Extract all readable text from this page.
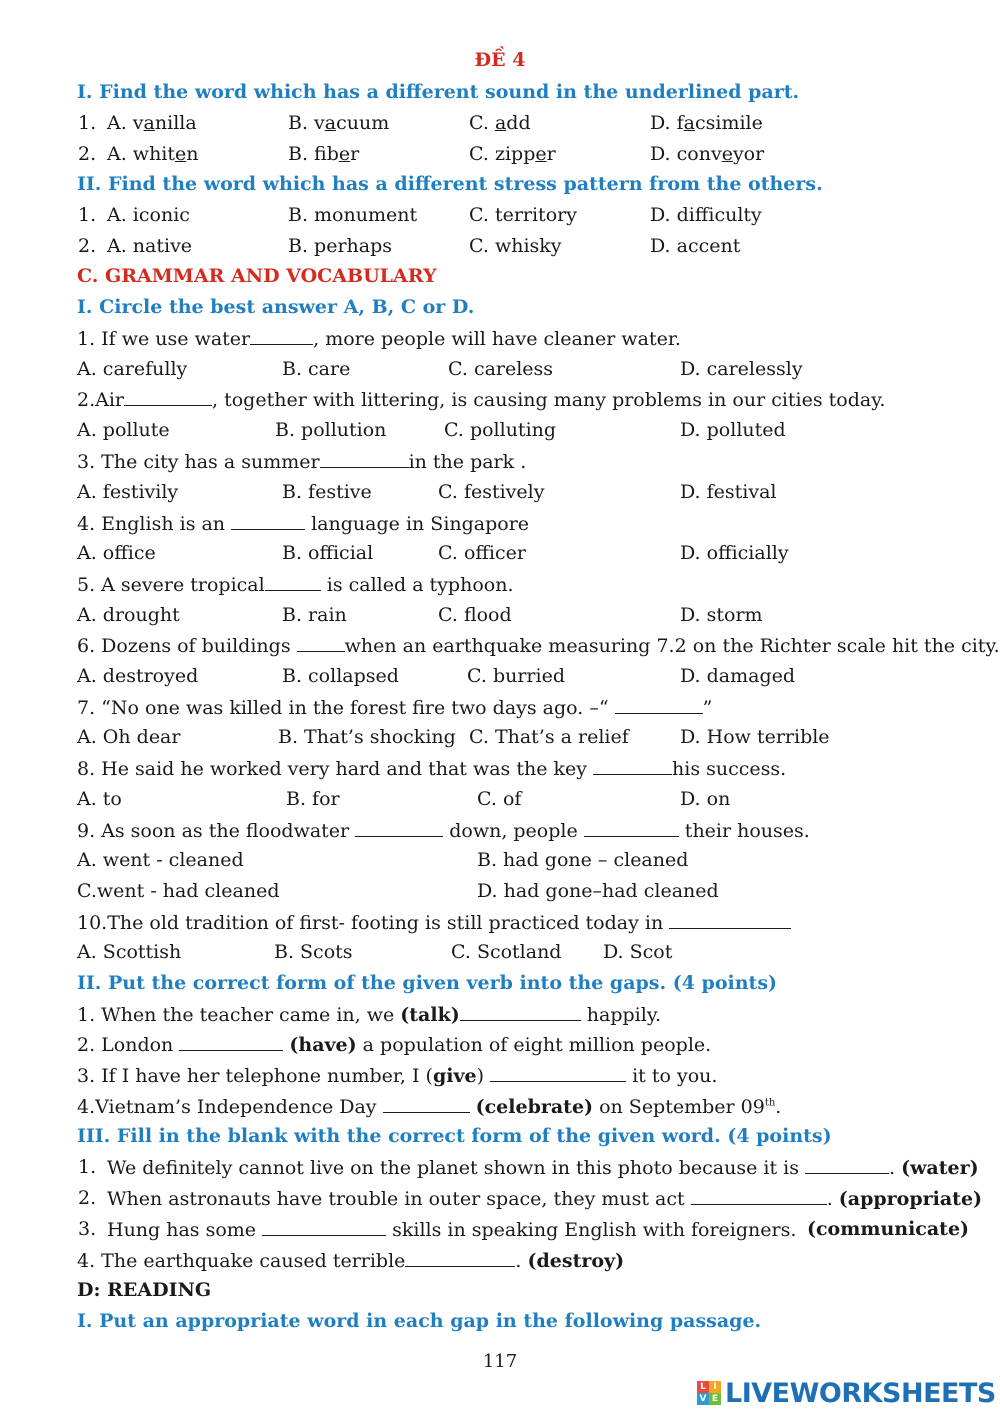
ĐỀ 4
I. Find the word which has a different sound in the underlined part.
1. A. vanilla	B. vacuum	C. add	D. facsimile
2. A. whiten	B. fiber	C. zipper	D. conveyor
II. Find the word which has a different stress pattern from the others.
1. A. iconic	B. monument	C. territory	D. difficulty
2. A. native	B. perhaps	C. whisky	D. accent
C. GRAMMAR AND VOCABULARY
I. Circle the best answer A, B, C or D.
1. If we use water	, more people will have cleaner water.
A. carefully	B. care	C. careless	D. carelessly
2.Air	, together with littering, is causing many problems in our cities today.
A. pollute	B. pollution	C. polluting	D. polluted
3. The city has a summer	in the park .
A. festivily	B. festive	C. festively	D. festival
4. English is an	language in Singapore
A. office	B. official	C. officer	D. officially
5. A severe tropical	is called a typhoon.
A. drought	B. rain	C. flood	D. storm
6. Dozens of buildings	when an earthquake measuring 7.2 on the Richter scale hit the city.
A. destroyed	B. collapsed	C. burried	D. damaged
7. “No one was killed in the forest fire two days ago. –“	”
A. Oh dear	B. That’s shocking C. That’s a relief	D. How terrible
8. He said he worked very hard and that was the key	his success.
A. to	B. for	C. of	D. on
9. As soon as the floodwater	down, people	their houses.
A. went - cleaned	B. had gone – cleaned
C.went - had cleaned	D. had gone–had cleaned
10.The old tradition of first- footing is still practiced today in
A. Scottish	B. Scots	C. Scotland D. Scot
II. Put the correct form of the given verb into the gaps. (4 points)
1. When the teacher came in, we (talk)	happily.
2. London	(have) a population of eight million people.
3. If I have her telephone number, I (give)	it to you.
4.Vietnam’s Independence Day	(celebrate) on September 09th.
III. Fill in the blank with the correct form of the given word. (4 points)
1. We definitely cannot live on the planet shown in this photo because it is	. (water)
2. When astronauts have trouble in outer space, they must act	. (appropriate)
3. Hung has some	skills in speaking English with foreigners. (communicate)
4. The earthquake caused terrible	. (destroy)
D: READING
I. Put an appropriate word in each gap in the following passage.
117
L I
V E LIVEWORKSHEETS
